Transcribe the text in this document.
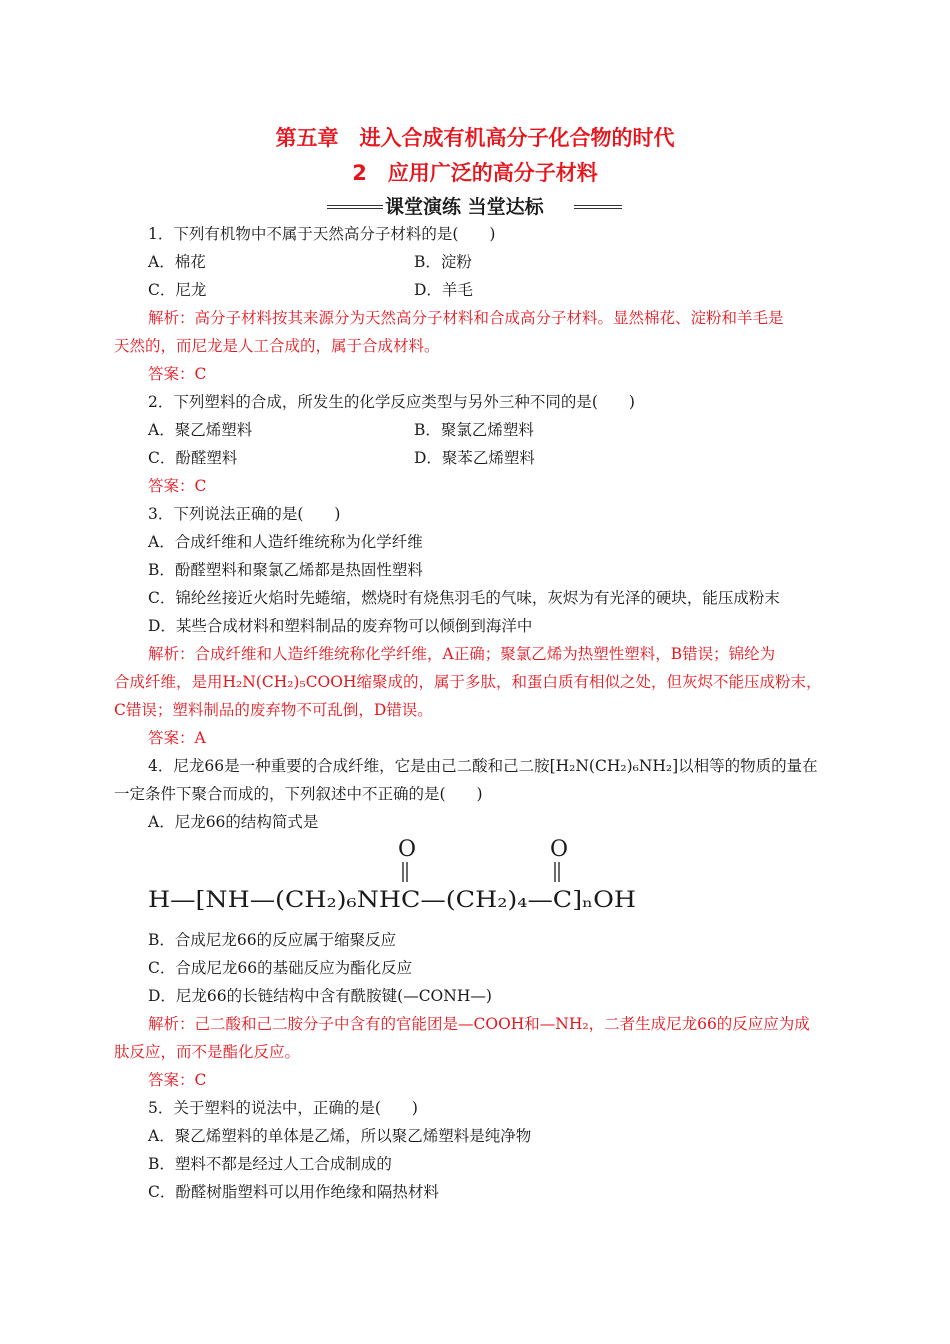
第五章　进入合成有机高分子化合物的时代
2　应用广泛的高分子材料
课堂演练 当堂达标
1．下列有机物中不属于天然高分子材料的是(　　)
A．棉花	B．淀粉
C．尼龙	D．羊毛
解析：高分子材料按其来源分为天然高分子材料和合成高分子材料。显然棉花、淀粉和羊毛是
天然的，而尼龙是人工合成的，属于合成材料。
答案：C
2．下列塑料的合成，所发生的化学反应类型与另外三种不同的是(　　)
A．聚乙烯塑料	B．聚氯乙烯塑料
C．酚醛塑料	D．聚苯乙烯塑料
答案：C
3．下列说法正确的是(　　)
A．合成纤维和人造纤维统称为化学纤维
B．酚醛塑料和聚氯乙烯都是热固性塑料
C．锦纶丝接近火焰时先蜷缩，燃烧时有烧焦羽毛的气味，灰烬为有光泽的硬块，能压成粉末
D．某些合成材料和塑料制品的废弃物可以倾倒到海洋中
解析：合成纤维和人造纤维统称化学纤维，A正确；聚氯乙烯为热塑性塑料，B错误；锦纶为
合成纤维，是用H₂N(CH₂)₅COOH缩聚成的，属于多肽，和蛋白质有相似之处，但灰烬不能压成粉末，
C错误；塑料制品的废弃物不可乱倒，D错误。
答案：A
4．尼龙66是一种重要的合成纤维，它是由己二酸和己二胺[H₂N(CH₂)₆NH₂]以相等的物质的量在
一定条件下聚合而成的，下列叙述中不正确的是(　　)
A．尼龙66的结构简式是
B．合成尼龙66的反应属于缩聚反应
C．合成尼龙66的基础反应为酯化反应
D．尼龙66的长链结构中含有酰胺键(—CONH—)
解析：己二酸和己二胺分子中含有的官能团是—COOH和—NH₂，二者生成尼龙66的反应应为成
肽反应，而不是酯化反应。
答案：C
5．关于塑料的说法中，正确的是(　　)
A．聚乙烯塑料的单体是乙烯，所以聚乙烯塑料是纯净物
B．塑料不都是经过人工合成制成的
C．酚醛树脂塑料可以用作绝缘和隔热材料
O	O
H—[NH—(CH₂)₆NHC—(CH₂)₄—C]ₙOH
